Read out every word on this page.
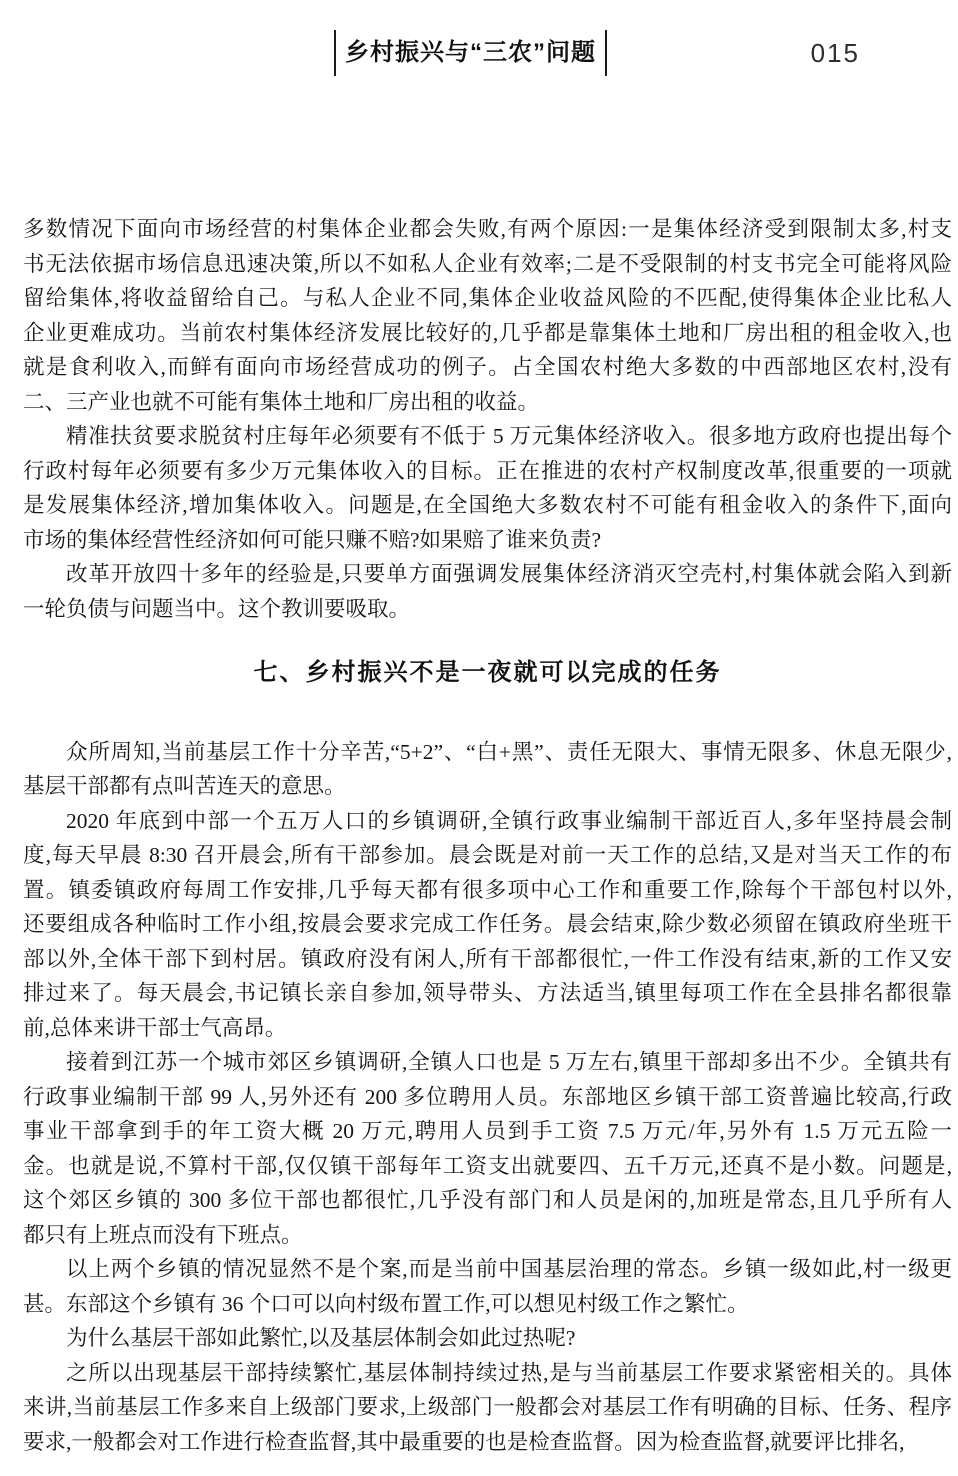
乡村振兴与“三农”问题	015
多数情况下面向市场经营的村集体企业都会失败,有两个原因:一是集体经济受到限制太多,村支
书无法依据市场信息迅速决策,所以不如私人企业有效率;二是不受限制的村支书完全可能将风险
留给集体,将收益留给自己。与私人企业不同,集体企业收益风险的不匹配,使得集体企业比私人
企业更难成功。当前农村集体经济发展比较好的,几乎都是靠集体土地和厂房出租的租金收入,也
就是食利收入,而鲜有面向市场经营成功的例子。占全国农村绝大多数的中西部地区农村,没有
二、三产业也就不可能有集体土地和厂房出租的收益。
精准扶贫要求脱贫村庄每年必须要有不低于 5 万元集体经济收入。很多地方政府也提出每个
行政村每年必须要有多少万元集体收入的目标。正在推进的农村产权制度改革,很重要的一项就
是发展集体经济,增加集体收入。问题是,在全国绝大多数农村不可能有租金收入的条件下,面向
市场的集体经营性经济如何可能只赚不赔?如果赔了谁来负责?
改革开放四十多年的经验是,只要单方面强调发展集体经济消灭空壳村,村集体就会陷入到新
一轮负债与问题当中。这个教训要吸取。
七、乡村振兴不是一夜就可以完成的任务
众所周知,当前基层工作十分辛苦,“5+2”、“白+黑”、责任无限大、事情无限多、休息无限少,
基层干部都有点叫苦连天的意思。
2020 年底到中部一个五万人口的乡镇调研,全镇行政事业编制干部近百人,多年坚持晨会制
度,每天早晨 8:30 召开晨会,所有干部参加。晨会既是对前一天工作的总结,又是对当天工作的布
置。镇委镇政府每周工作安排,几乎每天都有很多项中心工作和重要工作,除每个干部包村以外,
还要组成各种临时工作小组,按晨会要求完成工作任务。晨会结束,除少数必须留在镇政府坐班干
部以外,全体干部下到村居。镇政府没有闲人,所有干部都很忙,一件工作没有结束,新的工作又安
排过来了。每天晨会,书记镇长亲自参加,领导带头、方法适当,镇里每项工作在全县排名都很靠
前,总体来讲干部士气高昂。
接着到江苏一个城市郊区乡镇调研,全镇人口也是 5 万左右,镇里干部却多出不少。全镇共有
行政事业编制干部 99 人,另外还有 200 多位聘用人员。东部地区乡镇干部工资普遍比较高,行政
事业干部拿到手的年工资大概 20 万元,聘用人员到手工资 7.5 万元/年,另外有 1.5 万元五险一
金。也就是说,不算村干部,仅仅镇干部每年工资支出就要四、五千万元,还真不是小数。问题是,
这个郊区乡镇的 300 多位干部也都很忙,几乎没有部门和人员是闲的,加班是常态,且几乎所有人
都只有上班点而没有下班点。
以上两个乡镇的情况显然不是个案,而是当前中国基层治理的常态。乡镇一级如此,村一级更
甚。东部这个乡镇有 36 个口可以向村级布置工作,可以想见村级工作之繁忙。
为什么基层干部如此繁忙,以及基层体制会如此过热呢?
之所以出现基层干部持续繁忙,基层体制持续过热,是与当前基层工作要求紧密相关的。具体
来讲,当前基层工作多来自上级部门要求,上级部门一般都会对基层工作有明确的目标、任务、程序
要求,一般都会对工作进行检查监督,其中最重要的也是检查监督。因为检查监督,就要评比排名,
